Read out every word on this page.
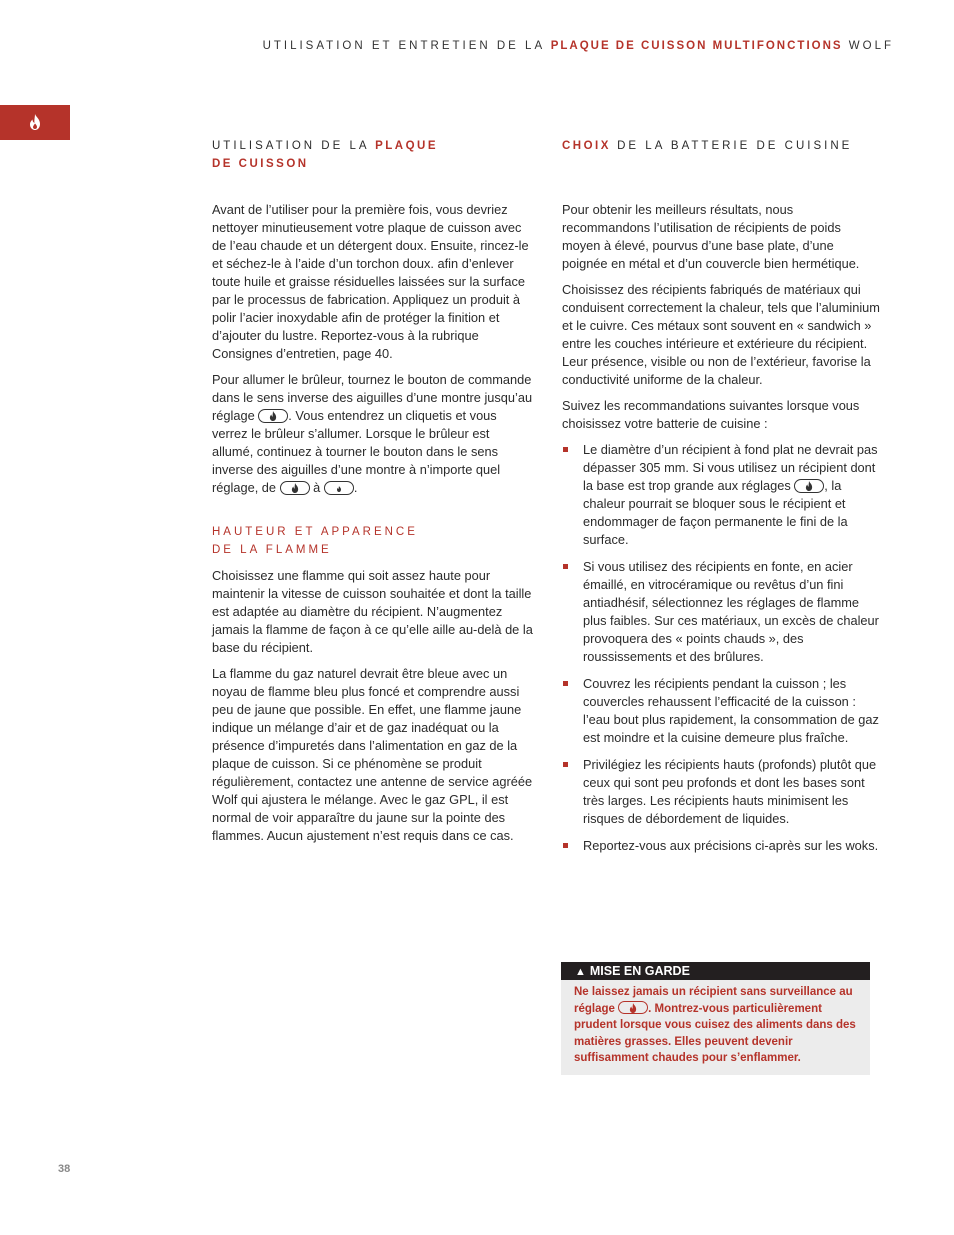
UTILISATION ET ENTRETIEN DE LA PLAQUE DE CUISSON MULTIFONCTIONS WOLF
UTILISATION DE LA PLAQUE
DE CUISSON

Avant de l’utiliser pour la première fois, vous devriez nettoyer minutieusement votre plaque de cuisson avec de l’eau chaude et un détergent doux. Ensuite, rincez-le et séchez-le à l’aide d’un torchon doux. afin d’enlever toute huile et graisse résiduelles laissées sur la surface par le processus de fabrication. Appliquez un produit à polir l’acier inoxydable afin de protéger la finition et d’ajouter du lustre. Reportez-vous à la rubrique Consignes d’entretien, page 40.

Pour allumer le brûleur, tournez le bouton de commande dans le sens inverse des aiguilles d’une montre jusqu’au réglage	. Vous entendrez un cliquetis et vous verrez le brûleur s’allumer. Lorsque le brûleur est allumé, continuez à tourner le bouton dans le sens inverse des aiguilles d’une montre à n’importe quel réglage, de	à	.

HAUTEUR ET APPARENCE
DE LA FLAMME

Choisissez une flamme qui soit assez haute pour maintenir la vitesse de cuisson souhaitée et dont la taille est adaptée au diamètre du récipient. N’augmentez jamais la flamme de façon à ce qu’elle aille au-delà de la base du récipient.

La flamme du gaz naturel devrait être bleue avec un noyau de flamme bleu plus foncé et comprendre aussi peu de jaune que possible. En effet, une flamme jaune indique un mélange d’air et de gaz inadéquat ou la présence d’impuretés dans l’alimentation en gaz de la plaque de cuisson. Si ce phénomène se produit régulièrement, contactez une antenne de service agréée Wolf qui ajustera le mélange. Avec le gaz GPL, il est normal de voir apparaître du jaune sur la pointe des flammes. Aucun ajustement n’est requis dans ce cas.

CHOIX DE LA BATTERIE DE CUISINE

Pour obtenir les meilleurs résultats, nous recommandons l’utilisation de récipients de poids moyen à élevé, pourvus d’une base plate, d’une poignée en métal et d’un couvercle bien hermétique.

Choisissez des récipients fabriqués de matériaux qui conduisent correctement la chaleur, tels que l’aluminium et le cuivre. Ces métaux sont souvent en « sandwich » entre les couches intérieure et extérieure du récipient. Leur présence, visible ou non de l’extérieur, favorise la conductivité uniforme de la chaleur.

Suivez les recommandations suivantes lorsque vous choisissez votre batterie de cuisine :

Le diamètre d’un récipient à fond plat ne devrait pas dépasser 305 mm. Si vous utilisez un récipient dont la base est trop grande aux réglages	, la chaleur pourrait se bloquer sous le récipient et endommager de façon permanente le fini de la surface.
Si vous utilisez des récipients en fonte, en acier émaillé, en vitrocéramique ou revêtus d’un fini antiadhésif, sélectionnez les réglages de flamme plus faibles. Sur ces matériaux, un excès de chaleur provoquera des « points chauds », des roussissements et des brûlures.
Couvrez les récipients pendant la cuisson ; les couvercles rehaussent l’efficacité de la cuisson : l’eau bout plus rapidement, la consommation de gaz est moindre et la cuisine demeure plus fraîche.
Privilégiez les récipients hauts (profonds) plutôt que ceux qui sont peu profonds et dont les bases sont très larges. Les récipients hauts minimisent les risques de débordement de liquides.
Reportez-vous aux précisions ci-après sur les woks.
▲ MISE EN GARDE
Ne laissez jamais un récipient sans surveillance au réglage	. Montrez-vous particulièrement prudent lorsque vous cuisez des aliments dans des matières grasses. Elles peuvent devenir suffisamment chaudes pour s’enflammer.
38
